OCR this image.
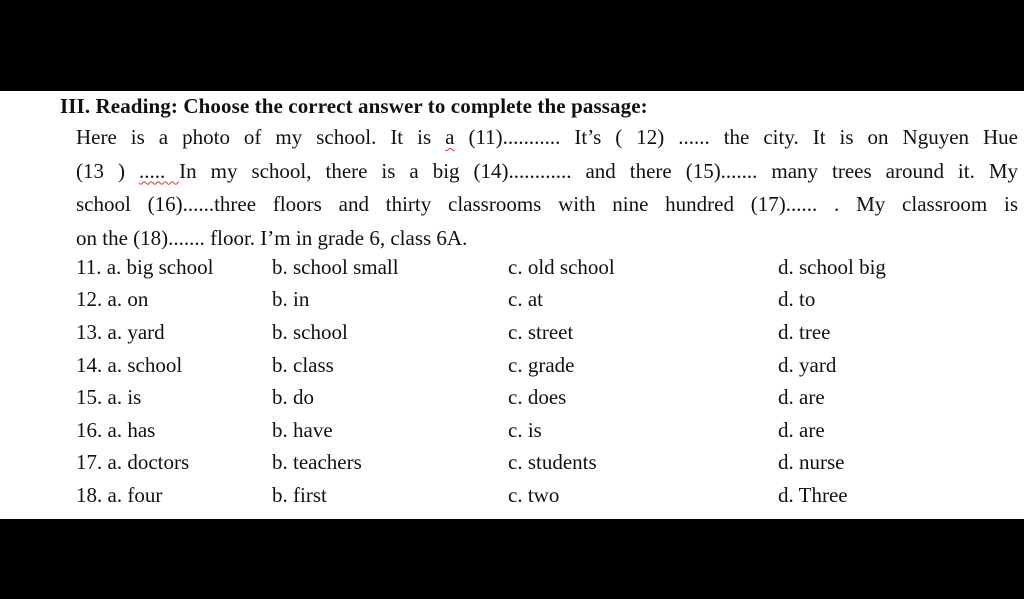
III. Reading: Choose the correct answer to complete the passage:
Here is a photo of my school. It is a (11)........... It’s ( 12) ...... the city. It is on Nguyen Hue
(13 ) ..... In my school, there is a big (14)............ and there (15)....... many trees around it. My
school (16)......three floors and thirty classrooms with nine hundred (17)...... . My classroom is
on the (18)....... floor. I’m in grade 6, class 6A.
11. a. big school	b. school small	c. old school	d. school big
12. a. on	b. in	c. at	d. to
13. a. yard	b. school	c. street	d. tree
14. a. school	b. class	c. grade	d. yard
15. a. is	b. do	c. does	d. are
16. a. has	b. have	c. is	d. are
17. a. doctors	b. teachers	c. students	d. nurse
18. a. four	b. first	c. two	d. Three
